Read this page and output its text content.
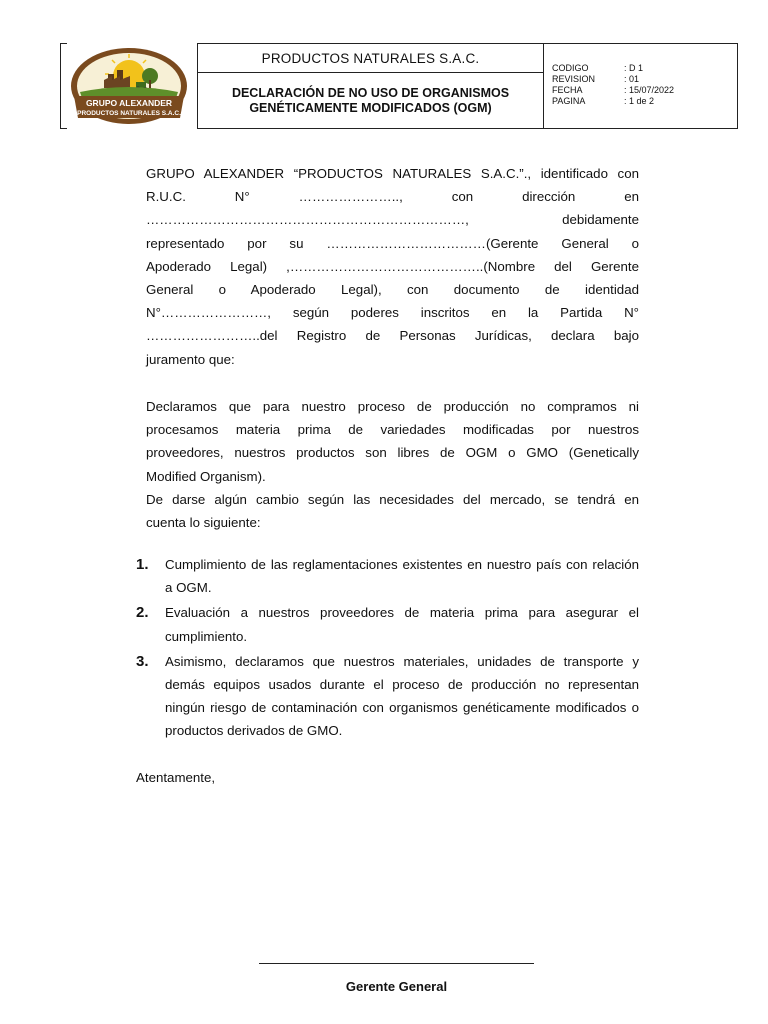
GRUPO ALEXANDER
PRODUCTOS NATURALES S.A.C.
PRODUCTOS NATURALES S.A.C.
DECLARACIÓN DE NO USO DE ORGANISMOS
GENÉTICAMENTE MODIFICADOS (OGM)
CODIGO	: D 1
REVISION	: 01
FECHA	: 15/07/2022
PAGINA	: 1 de 2
GRUPO ALEXANDER “PRODUCTOS NATURALES S.A.C.”., identificado con
R.U.C. N° ………………….., con dirección en
………………………………………………………………, debidamente
representado por su ………………………………(Gerente General o
Apoderado Legal) ,……………………………………..(Nombre del Gerente
General o Apoderado Legal), con documento de identidad
N°……………………, según poderes inscritos en la Partida N°
……………………..del Registro de Personas Jurídicas, declara bajo
juramento que:
Declaramos que para nuestro proceso de producción no compramos ni
procesamos materia prima de variedades modificadas por nuestros
proveedores, nuestros productos son libres de OGM o GMO (Genetically
Modified Organism).
De darse algún cambio según las necesidades del mercado, se tendrá en
cuenta lo siguiente:
1. Cumplimiento de las reglamentaciones existentes en nuestro país con relación a OGM.
2. Evaluación a nuestros proveedores de materia prima para asegurar el cumplimiento.
3. Asimismo, declaramos que nuestros materiales, unidades de transporte y demás equipos usados durante el proceso de producción no representan ningún riesgo de contaminación con organismos genéticamente modificados o productos derivados de GMO.
Atentamente,
Gerente General
